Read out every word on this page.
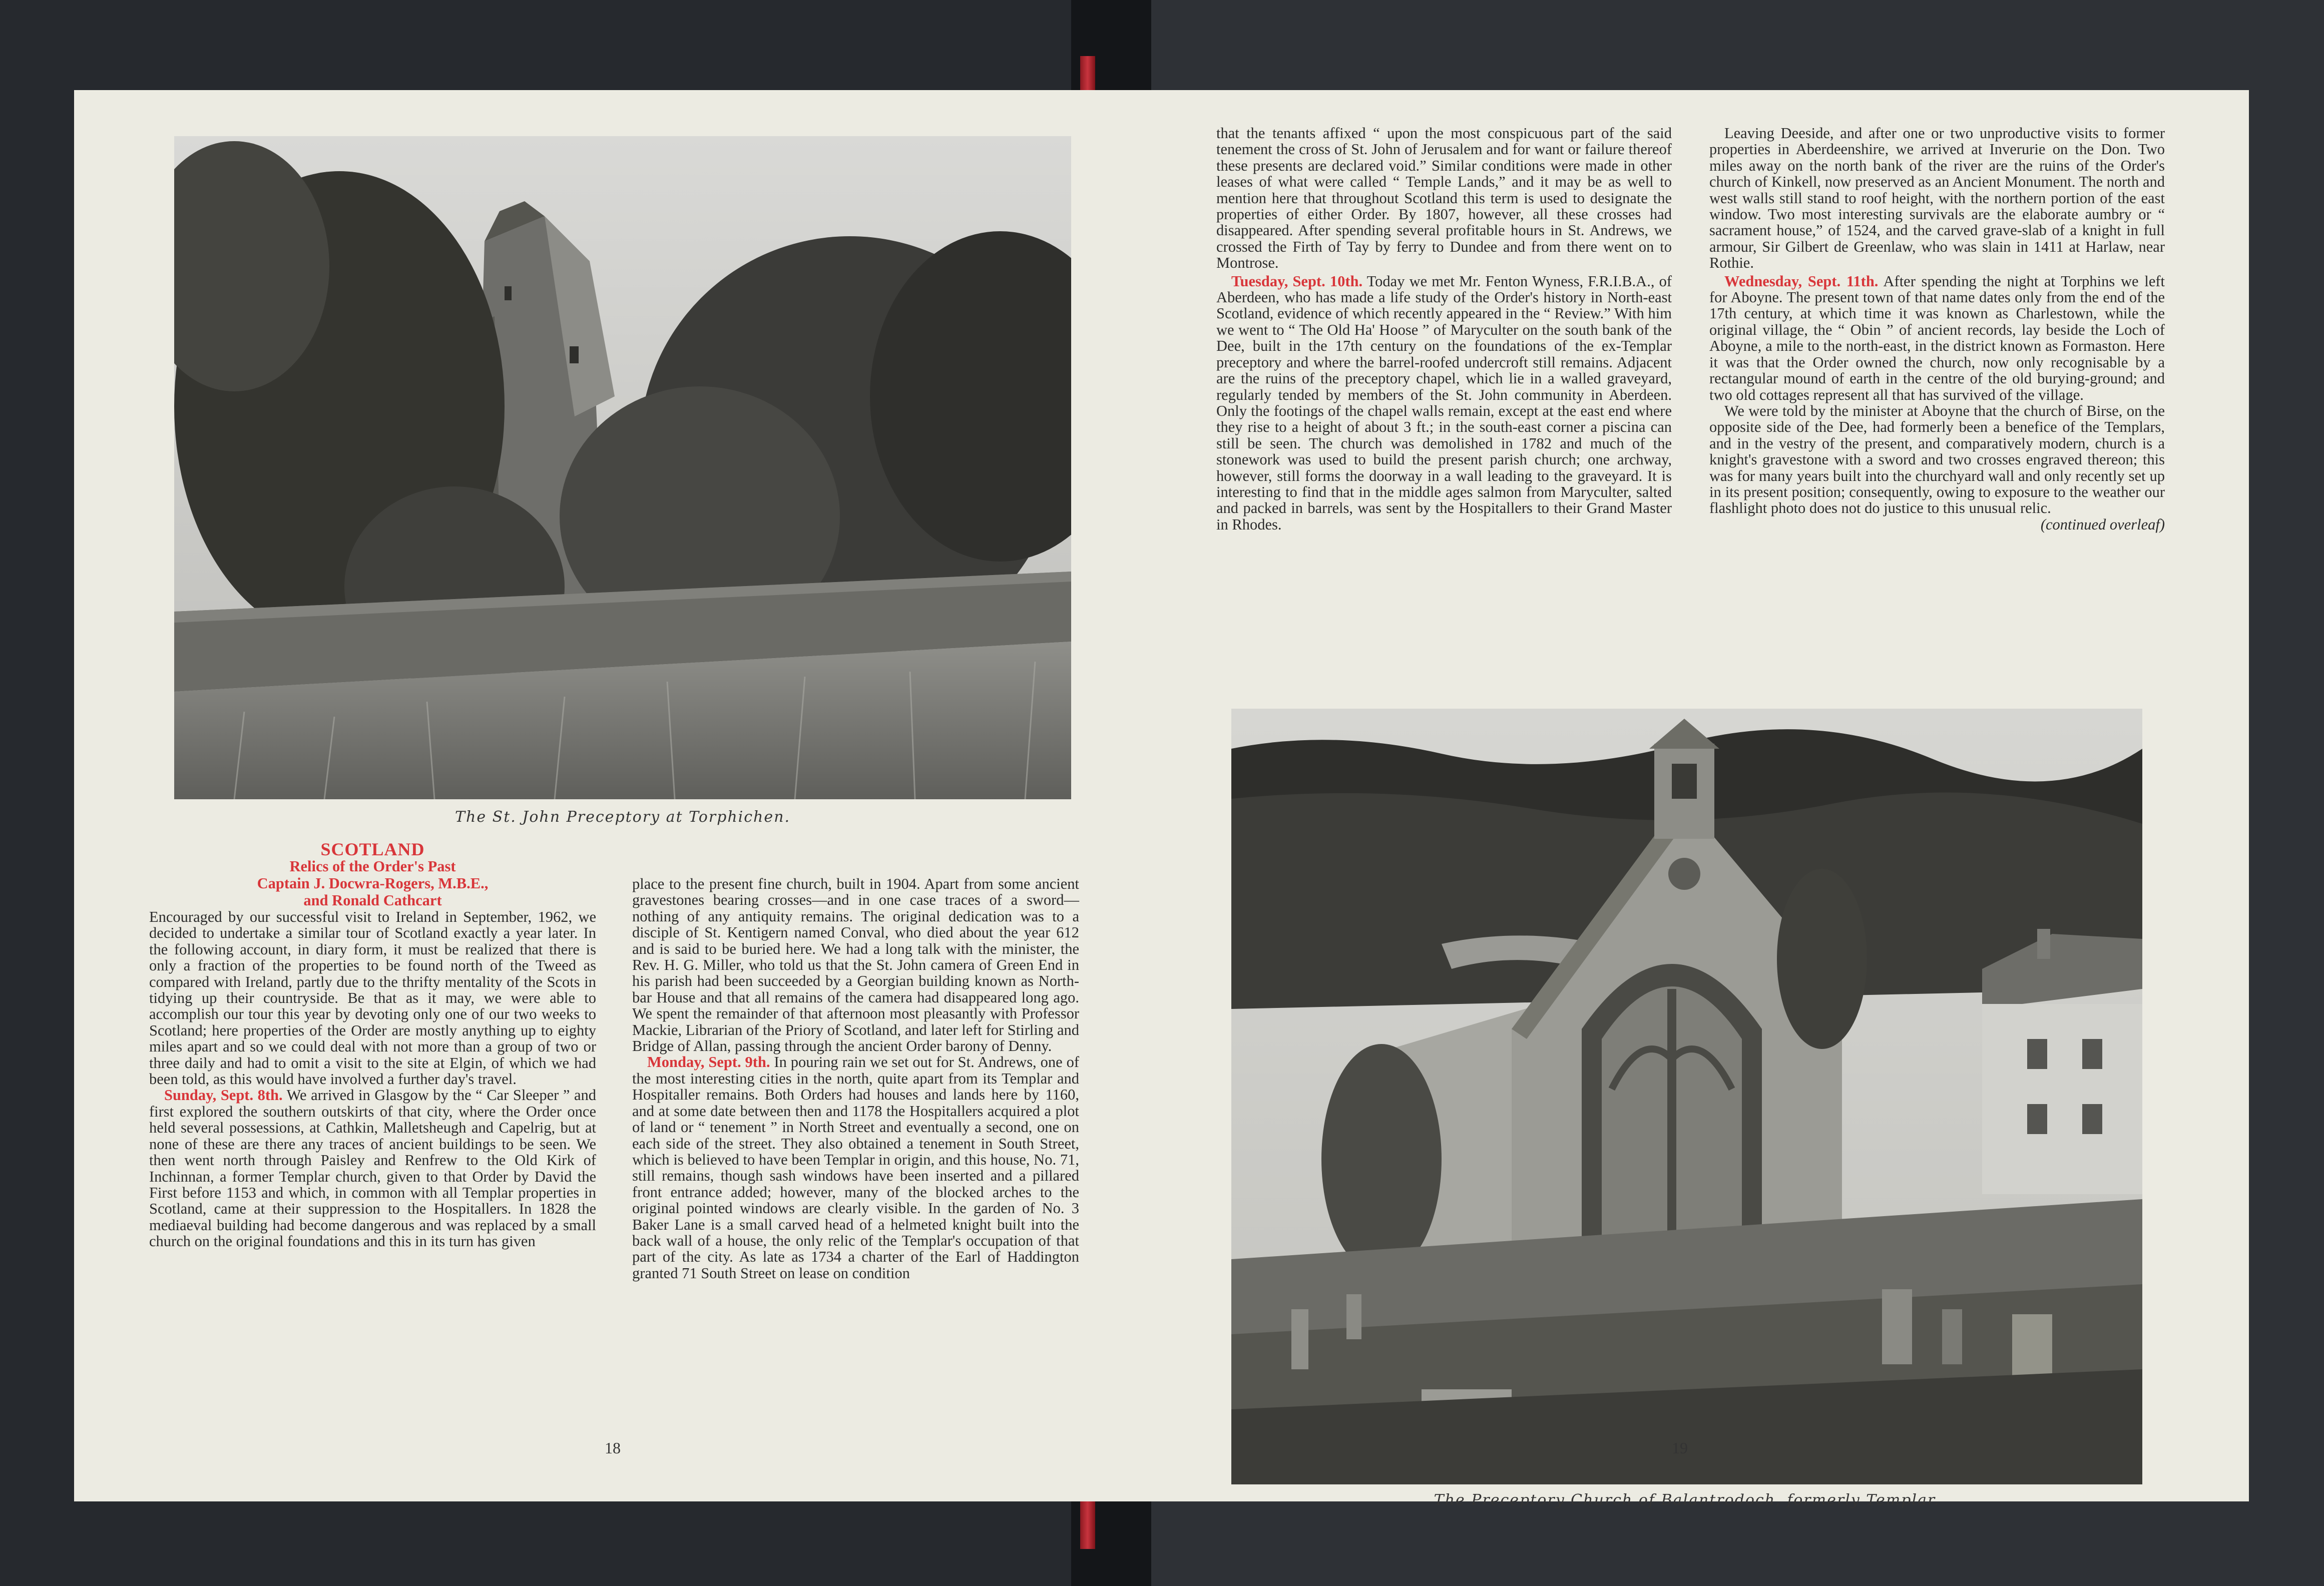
The St. John Preceptory at Torphichen.
SCOTLAND
Relics of the Order's Past
Captain J. Docwra-Rogers, M.B.E.,
and Ronald Cathcart

Encouraged by our successful visit to Ireland in September, 1962, we decided to undertake a similar tour of Scotland exactly a year later. In the following account, in diary form, it must be realized that there is only a fraction of the properties to be found north of the Tweed as compared with Ireland, partly due to the thrifty mentality of the Scots in tidying up their countryside. Be that as it may, we were able to accomplish our tour this year by devoting only one of our two weeks to Scotland; here properties of the Order are mostly anything up to eighty miles apart and so we could deal with not more than a group of two or three daily and had to omit a visit to the site at Elgin, of which we had been told, as this would have involved a further day's travel.

Sunday, Sept. 8th. We arrived in Glasgow by the “ Car Sleeper ” and first explored the southern outskirts of that city, where the Order once held several possessions, at Cathkin, Malletsheugh and Capelrig, but at none of these are there any traces of ancient buildings to be seen. We then went north through Paisley and Renfrew to the Old Kirk of Inchinnan, a former Templar church, given to that Order by David the First before 1153 and which, in common with all Templar properties in Scotland, came at their suppression to the Hospitallers. In 1828 the mediaeval building had become dangerous and was replaced by a small church on the original foundations and this in its turn has given

place to the present fine church, built in 1904. Apart from some ancient gravestones bearing crosses—and in one case traces of a sword—nothing of any antiquity remains. The original dedication was to a disciple of St. Kentigern named Conval, who died about the year 612 and is said to be buried here. We had a long talk with the minister, the Rev. H. G. Miller, who told us that the St. John camera of Green End in his parish had been succeeded by a Georgian building known as North-bar House and that all remains of the camera had disappeared long ago. We spent the remainder of that afternoon most pleasantly with Professor Mackie, Librarian of the Priory of Scotland, and later left for Stirling and Bridge of Allan, passing through the ancient Order barony of Denny.

Monday, Sept. 9th. In pouring rain we set out for St. Andrews, one of the most interesting cities in the north, quite apart from its Templar and Hospitaller remains. Both Orders had houses and lands here by 1160, and at some date between then and 1178 the Hospitallers acquired a plot of land or “ tenement ” in North Street and eventually a second, one on each side of the street. They also obtained a tenement in South Street, which is believed to have been Templar in origin, and this house, No. 71, still remains, though sash windows have been inserted and a pillared front entrance added; however, many of the blocked arches to the original pointed windows are clearly visible. In the garden of No. 3 Baker Lane is a small carved head of a helmeted knight built into the back wall of a house, the only relic of the Templar's occupation of that part of the city. As late as 1734 a charter of the Earl of Haddington granted 71 South Street on lease on condition

18

that the tenants affixed “ upon the most conspicuous part of the said tenement the cross of St. John of Jerusalem and for want or failure thereof these presents are declared void.” Similar conditions were made in other leases of what were called “ Temple Lands,” and it may be as well to mention here that throughout Scotland this term is used to designate the properties of either Order. By 1807, however, all these crosses had disappeared. After spending several profitable hours in St. Andrews, we crossed the Firth of Tay by ferry to Dundee and from there went on to Montrose.

Tuesday, Sept. 10th. Today we met Mr. Fenton Wyness, F.R.I.B.A., of Aberdeen, who has made a life study of the Order's history in North-east Scotland, evidence of which recently appeared in the “ Review.” With him we went to “ The Old Ha' Hoose ” of Maryculter on the south bank of the Dee, built in the 17th century on the foundations of the ex-Templar preceptory and where the barrel-roofed undercroft still remains. Adjacent are the ruins of the preceptory chapel, which lie in a walled graveyard, regularly tended by members of the St. John community in Aberdeen. Only the footings of the chapel walls remain, except at the east end where they rise to a height of about 3 ft.; in the south-east corner a piscina can still be seen. The church was demolished in 1782 and much of the stonework was used to build the present parish church; one archway, however, still forms the doorway in a wall leading to the graveyard. It is interesting to find that in the middle ages salmon from Maryculter, salted and packed in barrels, was sent by the Hospitallers to their Grand Master in Rhodes.

Leaving Deeside, and after one or two unproductive visits to former properties in Aberdeenshire, we arrived at Inverurie on the Don. Two miles away on the north bank of the river are the ruins of the Order's church of Kinkell, now preserved as an Ancient Monument. The north and west walls still stand to roof height, with the northern portion of the east window. Two most interesting survivals are the elaborate aumbry or “ sacrament house,” of 1524, and the carved grave-slab of a knight in full armour, Sir Gilbert de Greenlaw, who was slain in 1411 at Harlaw, near Rothie.

Wednesday, Sept. 11th. After spending the night at Torphins we left for Aboyne. The present town of that name dates only from the end of the 17th century, at which time it was known as Charlestown, while the original village, the “ Obin ” of ancient records, lay beside the Loch of Aboyne, a mile to the north-east, in the district known as Formaston. Here it was that the Order owned the church, now only recognisable by a rectangular mound of earth in the centre of the old burying-ground; and two old cottages represent all that has survived of the village.

We were told by the minister at Aboyne that the church of Birse, on the opposite side of the Dee, had formerly been a benefice of the Templars, and in the vestry of the present, and comparatively modern, church is a knight's gravestone with a sword and two crosses engraved thereon; this was for many years built into the churchyard wall and only recently set up in its present position; consequently, owing to exposure to the weather our flashlight photo does not do justice to this unusual relic.
(continued overleaf)

The Preceptory Church of Balantrodoch, formerly Templar.
19
